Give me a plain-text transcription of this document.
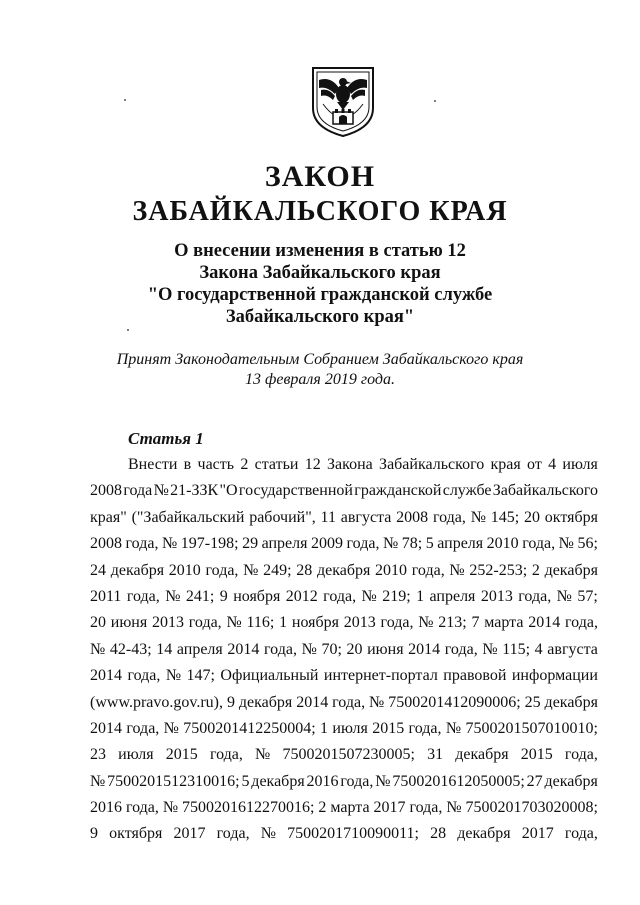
ЗАКОН
ЗАБАЙКАЛЬСКОГО КРАЯ
О внесении изменения в статью 12
Закона Забайкальского края
"О государственной гражданской службе
Забайкальского края"
Принят Законодательным Собранием Забайкальского края
13 февраля 2019 года.
Статья 1
Внести в часть 2 статьи 12 Закона Забайкальского края от 4 июля
2008 года № 21-ЗЗК "О государственной гражданской службе Забайкальского
края" ("Забайкальский рабочий", 11 августа 2008 года, № 145; 20 октября
2008 года, № 197-198; 29 апреля 2009 года, № 78; 5 апреля 2010 года, № 56;
24 декабря 2010 года, № 249; 28 декабря 2010 года, № 252-253; 2 декабря
2011 года, № 241; 9 ноября 2012 года, № 219; 1 апреля 2013 года, № 57;
20 июня 2013 года, № 116; 1 ноября 2013 года, № 213; 7 марта 2014 года,
№ 42-43; 14 апреля 2014 года, № 70; 20 июня 2014 года, № 115; 4 августа
2014 года, № 147; Официальный интернет-портал правовой информации
(www.pravo.gov.ru), 9 декабря 2014 года, № 7500201412090006; 25 декабря
2014 года, № 7500201412250004; 1 июля 2015 года, № 7500201507010010;
23 июля 2015 года, № 7500201507230005; 31 декабря 2015 года,
№ 7500201512310016; 5 декабря 2016 года, № 7500201612050005; 27 декабря
2016 года, № 7500201612270016; 2 марта 2017 года, № 7500201703020008;
9 октября 2017 года, № 7500201710090011; 28 декабря 2017 года,
